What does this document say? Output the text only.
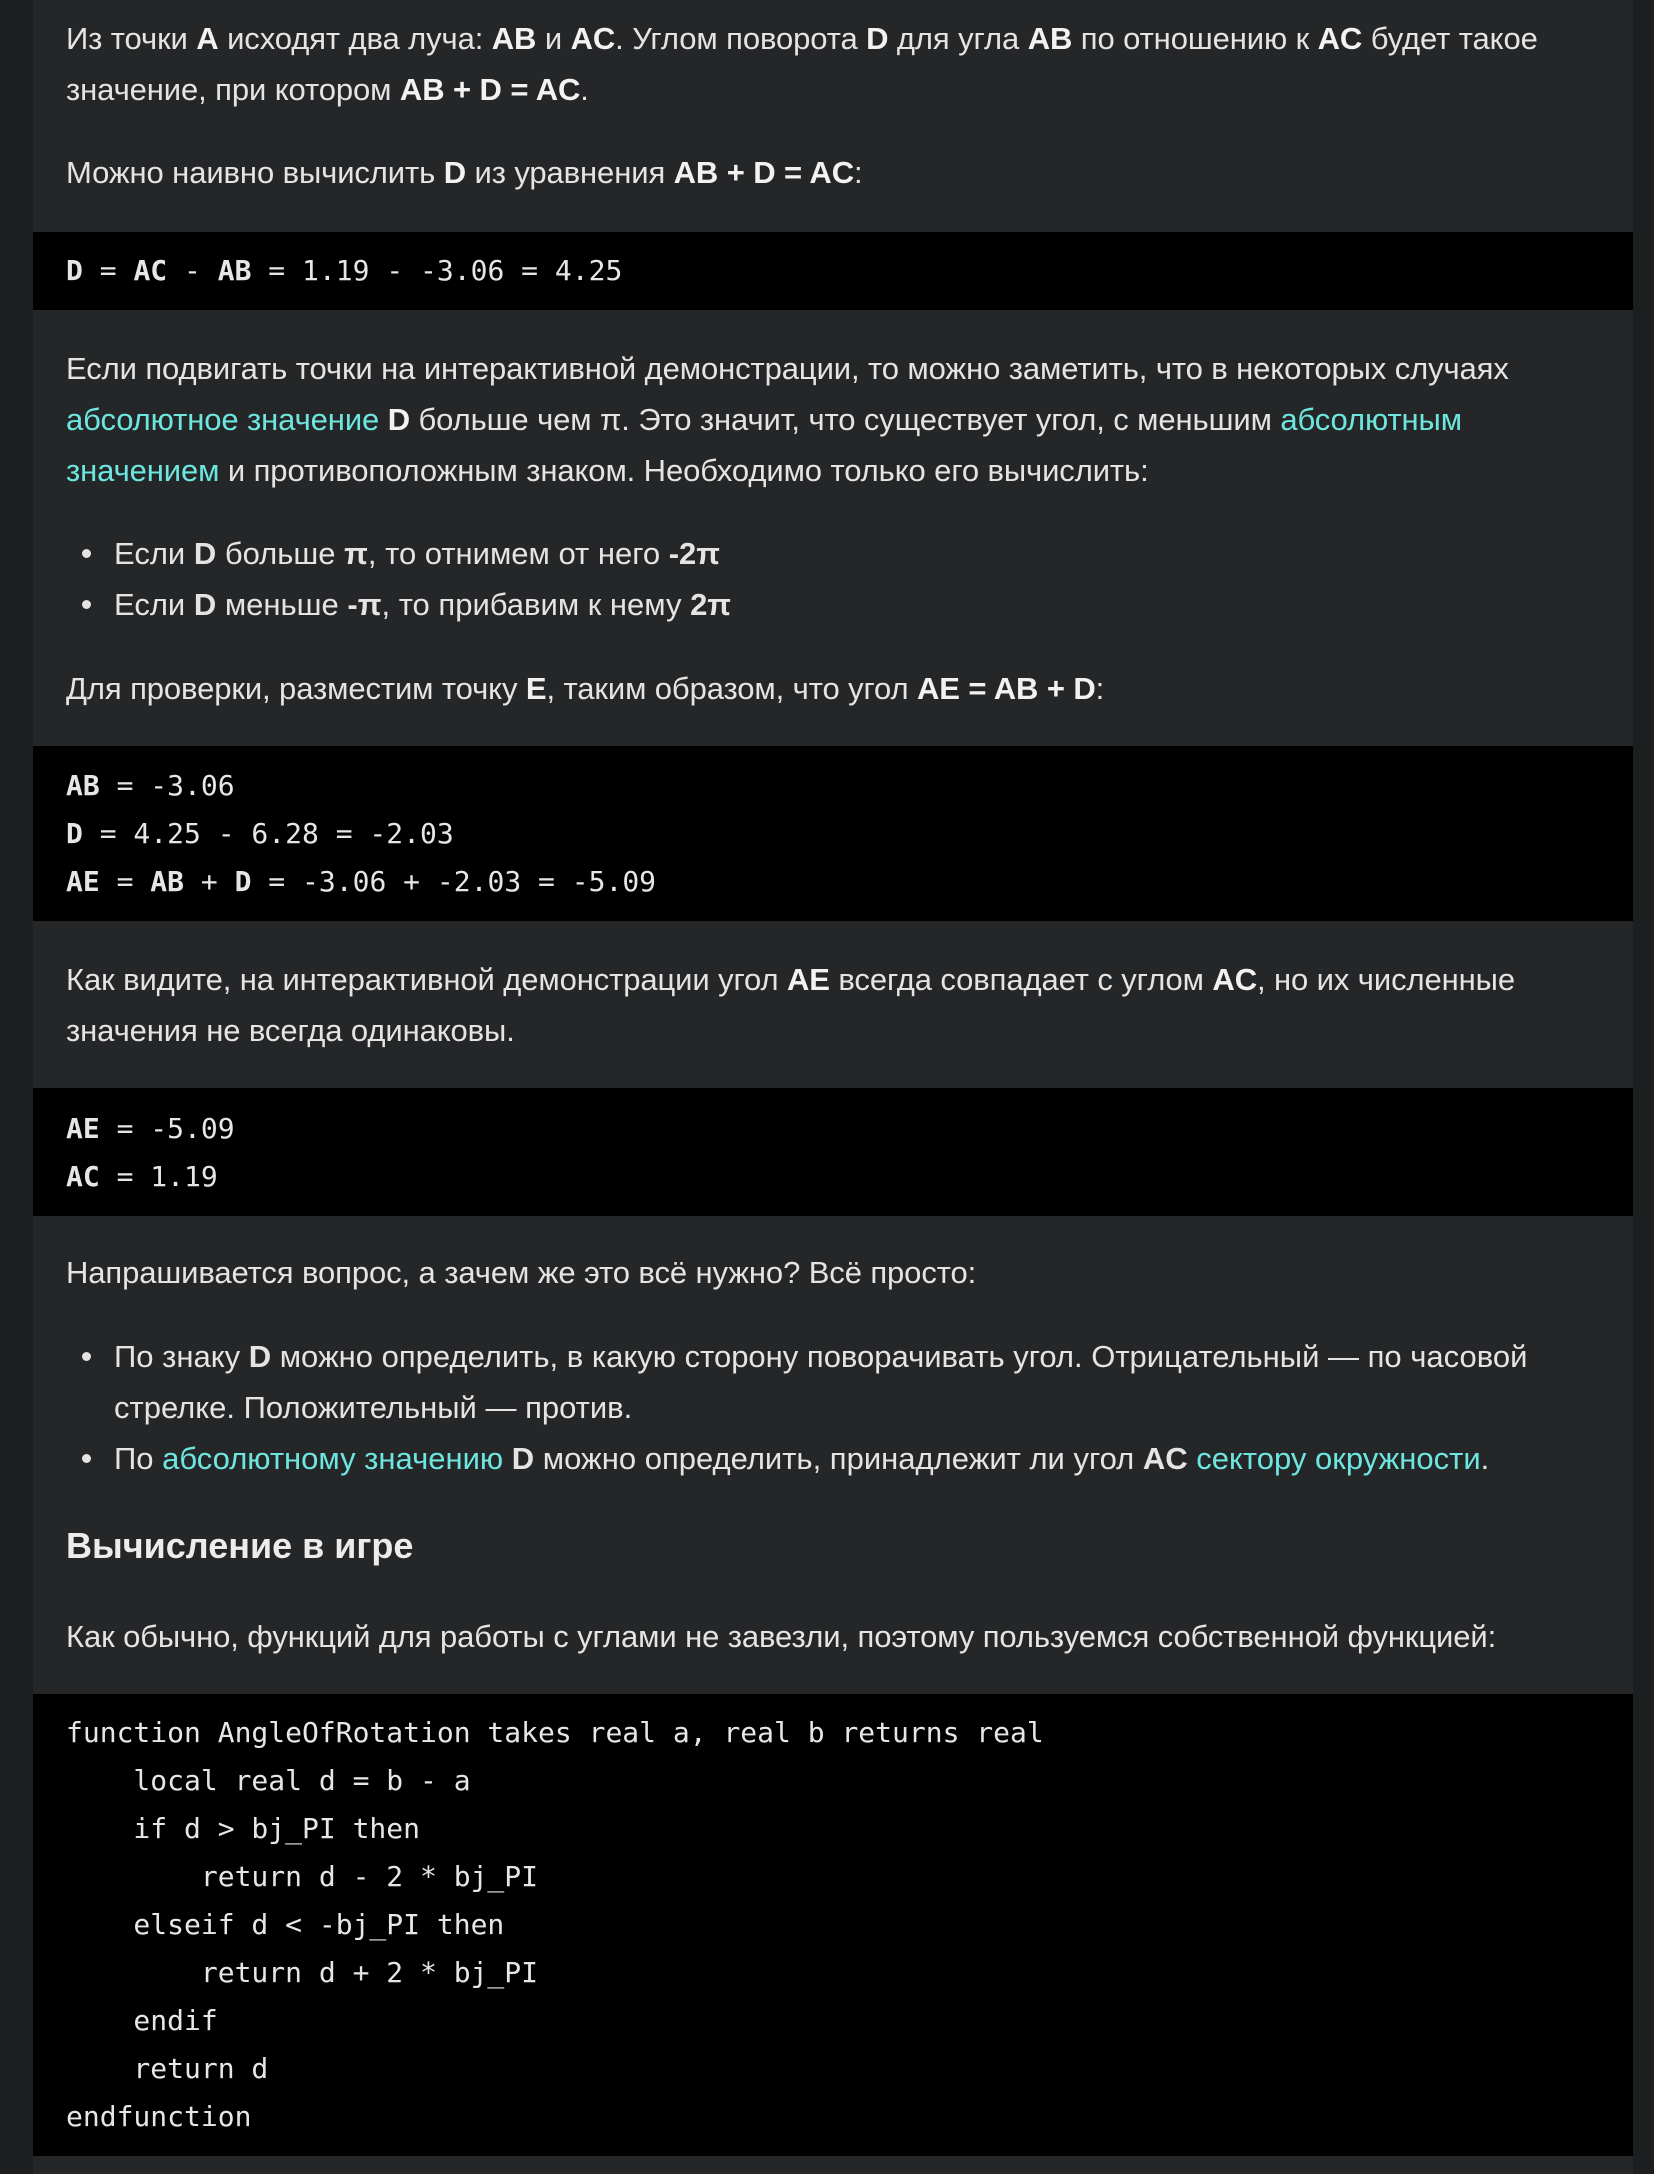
Из точки A исходят два луча: AB и AC. Углом поворота D для угла AB по отношению к AC будет такое значение, при котором AB + D = AC.

Можно наивно вычислить D из уравнения AB + D = AC:

D = AC - AB = 1.19 - -3.06 = 4.25

Если подвигать точки на интерактивной демонстрации, то можно заметить, что в некоторых случаях абсолютное значение D больше чем π. Это значит, что существует угол, с меньшим абсолютным значением и противоположным знаком. Необходимо только его вычислить:

Если D больше π, то отнимем от него -2π
Если D меньше -π, то прибавим к нему 2π

Для проверки, разместим точку E, таким образом, что угол AE = AB + D:

AB = -3.06
D = 4.25 - 6.28 = -2.03
AE = AB + D = -3.06 + -2.03 = -5.09

Как видите, на интерактивной демонстрации угол AE всегда совпадает с углом AC, но их численные значения не всегда одинаковы.

AE = -5.09
AC = 1.19

Напрашивается вопрос, а зачем же это всё нужно? Всё просто:

По знаку D можно определить, в какую сторону поворачивать угол. Отрицательный — по часовой стрелке. Положительный — против.
По абсолютному значению D можно определить, принадлежит ли угол AC сектору окружности.
Вычисление в игре

Как обычно, функций для работы с углами не завезли, поэтому пользуемся собственной функцией:

function AngleOfRotation takes real a, real b returns real
local real d = b - a
if d > bj_PI then
return d - 2 * bj_PI
elseif d < -bj_PI then
return d + 2 * bj_PI
endif
return d
endfunction
